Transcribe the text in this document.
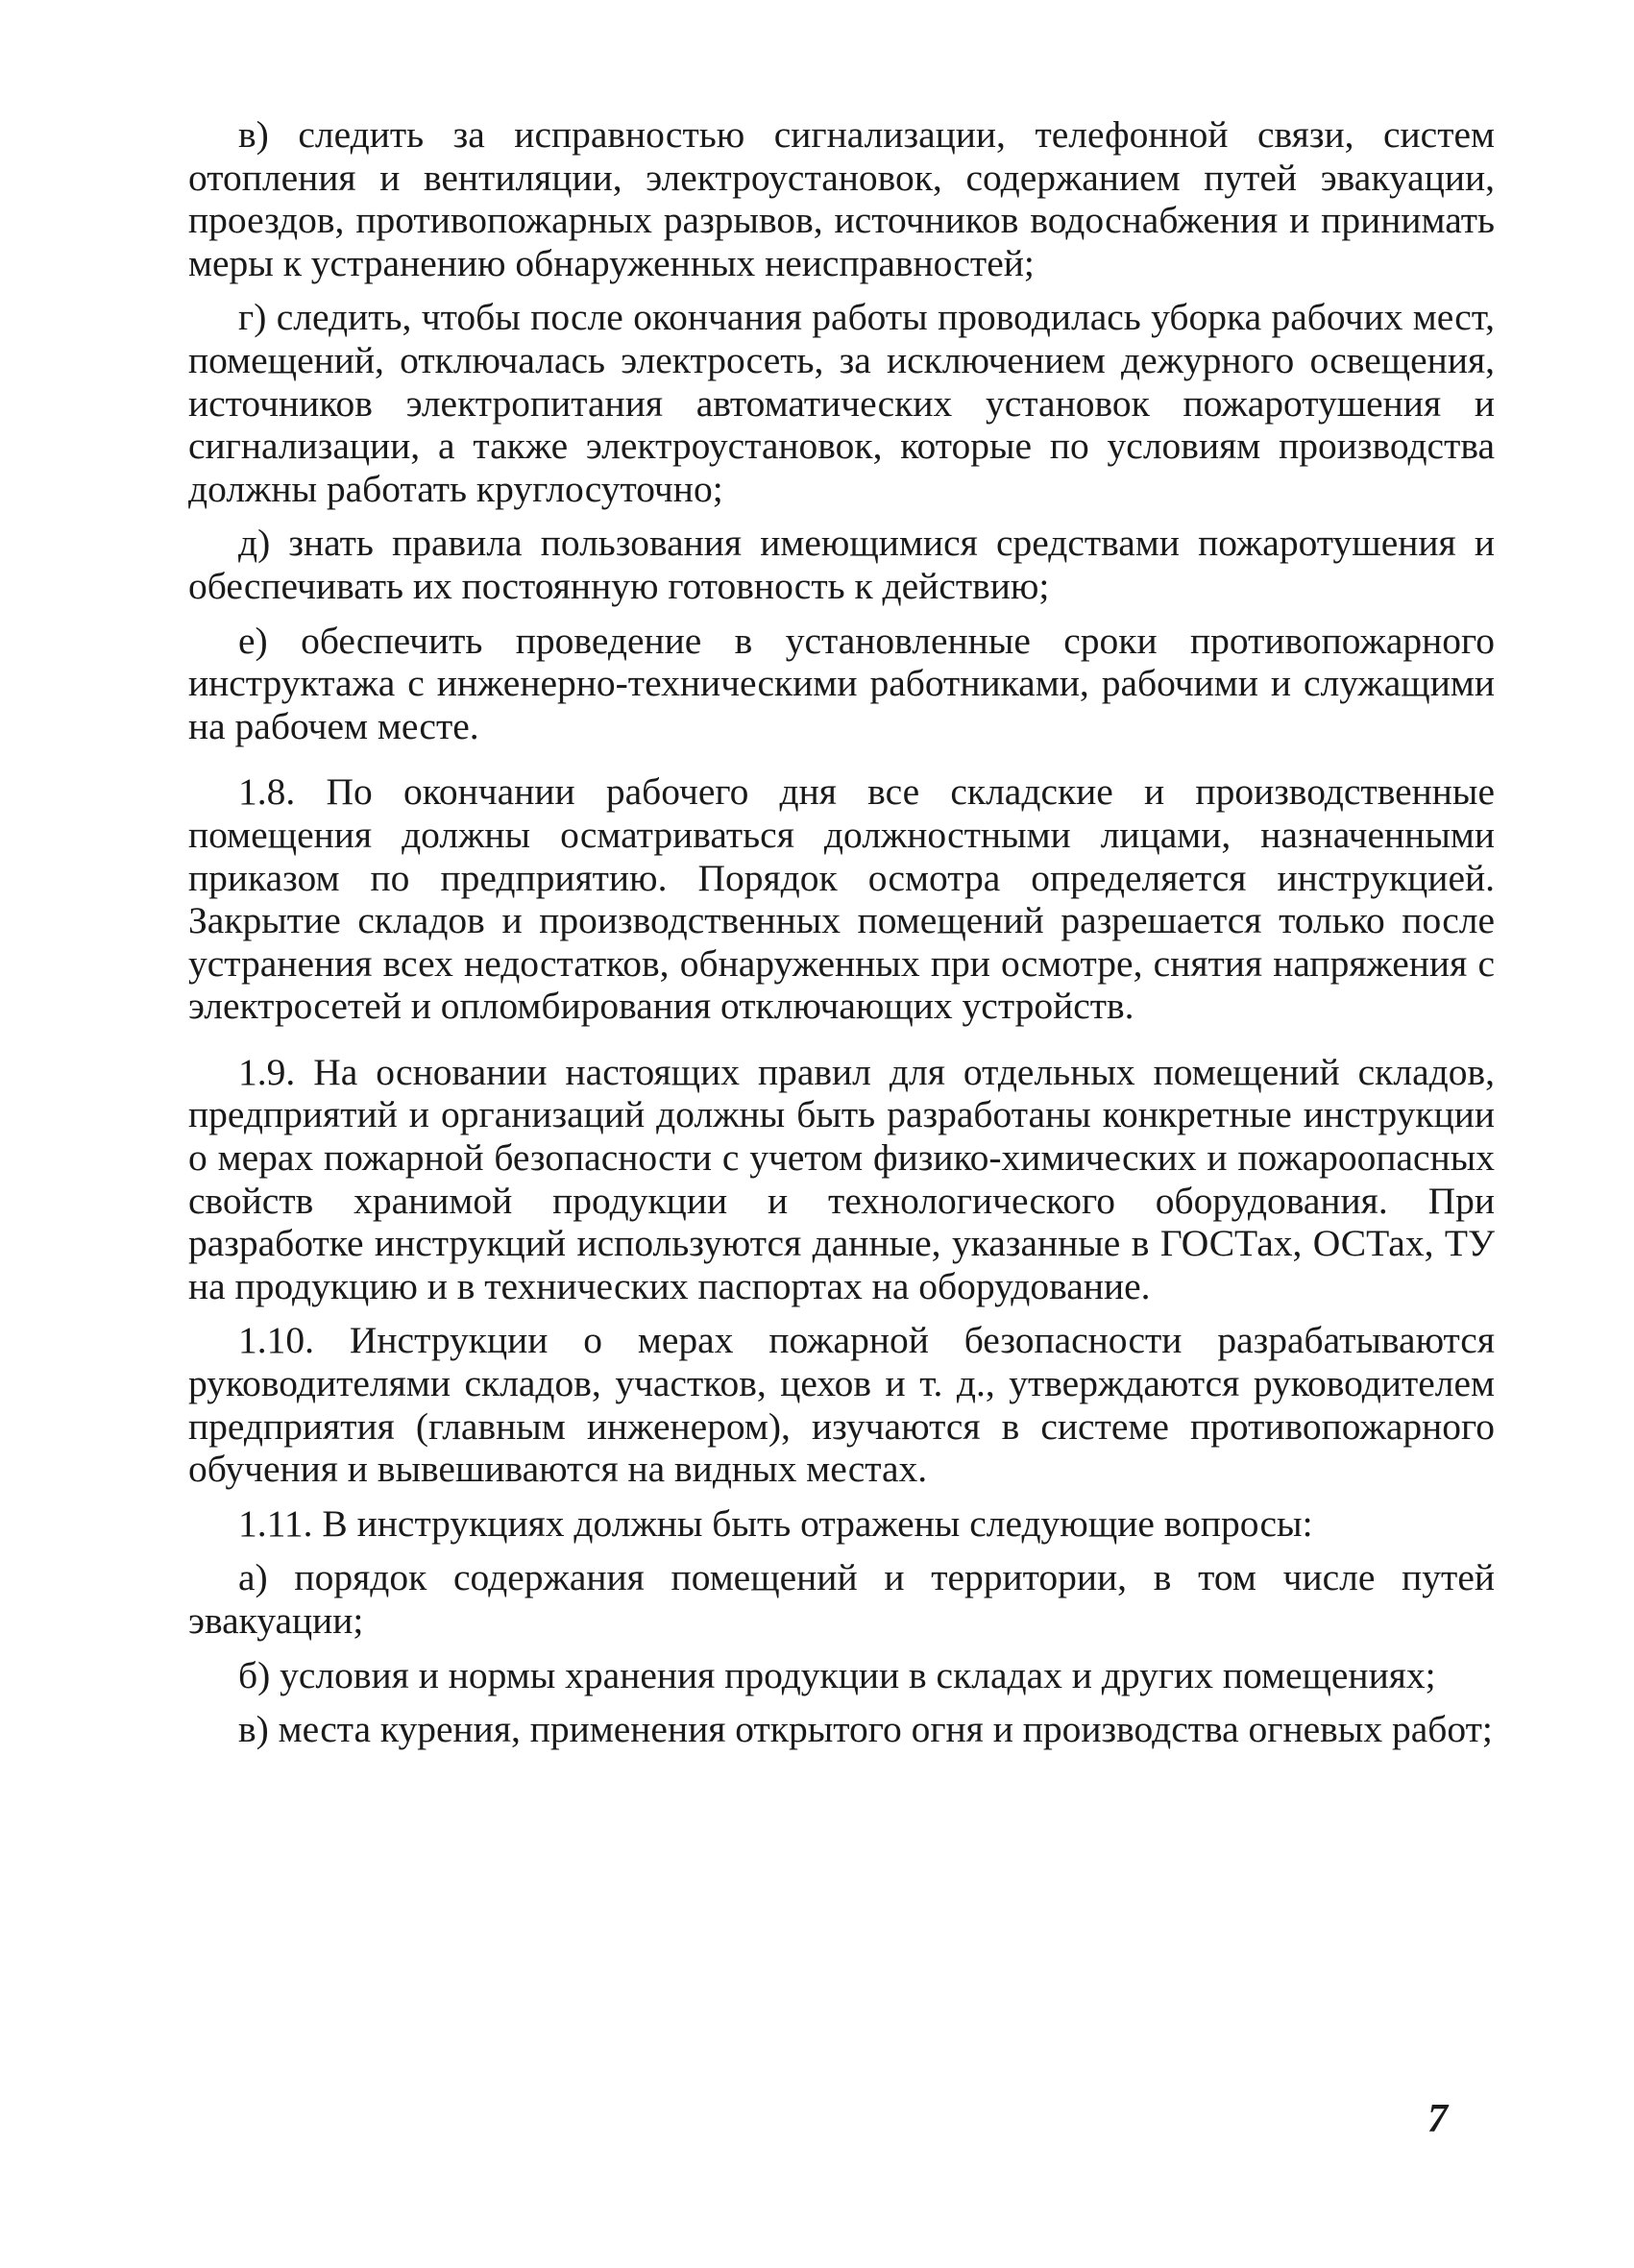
в) следить за исправностью сигнализации, телефонной связи, систем отопления и вентиляции, электроустановок, содержанием путей эвакуации, проездов, противопожарных разрывов, источников водоснабжения и принимать меры к устранению обнаруженных неисправностей;

г) следить, чтобы после окончания работы проводилась уборка рабочих мест, помещений, отключалась электросеть, за исключением дежурного освещения, источников электропитания автоматических установок пожаротушения и сигнализации, а также электроустановок, которые по условиям производства должны работать круглосуточно;

д) знать правила пользования имеющимися средствами пожаротушения и обеспечивать их постоянную готовность к действию;

е) обеспечить проведение в установленные сроки противопожарного инструктажа с инженерно-техническими работниками, рабочими и служащими на рабочем месте.

1.8. По окончании рабочего дня все складские и производственные помещения должны осматриваться должностными лицами, назначенными приказом по предприятию. Порядок осмотра определяется инструкцией. Закрытие складов и производственных помещений разрешается только после устранения всех недостатков, обнаруженных при осмотре, снятия напряжения с электросетей и опломбирования отключающих устройств.

1.9. На основании настоящих правил для отдельных помещений складов, предприятий и организаций должны быть разработаны конкретные инструкции о мерах пожарной безопасности с учетом физико-химических и пожароопасных свойств хранимой продукции и технологического оборудования. При разработке инструкций используются данные, указанные в ГОСТах, ОСТах, ТУ на продукцию и в технических паспортах на оборудование.

1.10. Инструкции о мерах пожарной безопасности разрабатываются руководителями складов, участков, цехов и т. д., утверждаются руководителем предприятия (главным инженером), изучаются в системе противопожарного обучения и вывешиваются на видных местах.

1.11. В инструкциях должны быть отражены следующие вопросы:

а) порядок содержания помещений и территории, в том числе путей эвакуации;

б) условия и нормы хранения продукции в складах и других помещениях;

в) места курения, применения открытого огня и производства огневых работ;

7
